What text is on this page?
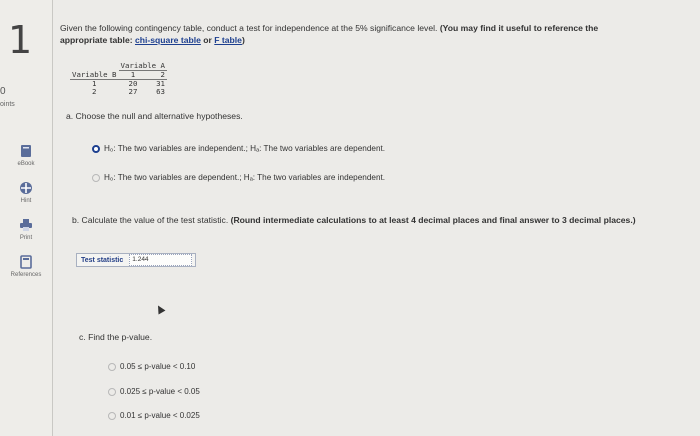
1
0
oints
eBook
Hint
Print
References
Given the following contingency table, conduct a test for independence at the 5% significance level. (You may find it useful to reference the appropriate table: chi-square table or F table)
	Variable A	
Variable B	1	2
1	20	31
2	27	63
a. Choose the null and alternative hypotheses.
H₀: The two variables are independent.; Hₐ: The two variables are dependent.
H₀: The two variables are dependent.; Hₐ: The two variables are independent.
b. Calculate the value of the test statistic. (Round intermediate calculations to at least 4 decimal places and final answer to 3 decimal places.)
Test statistic	1.244
c. Find the p-value.
0.05 ≤ p-value < 0.10
0.025 ≤ p-value < 0.05
0.01 ≤ p-value < 0.025
